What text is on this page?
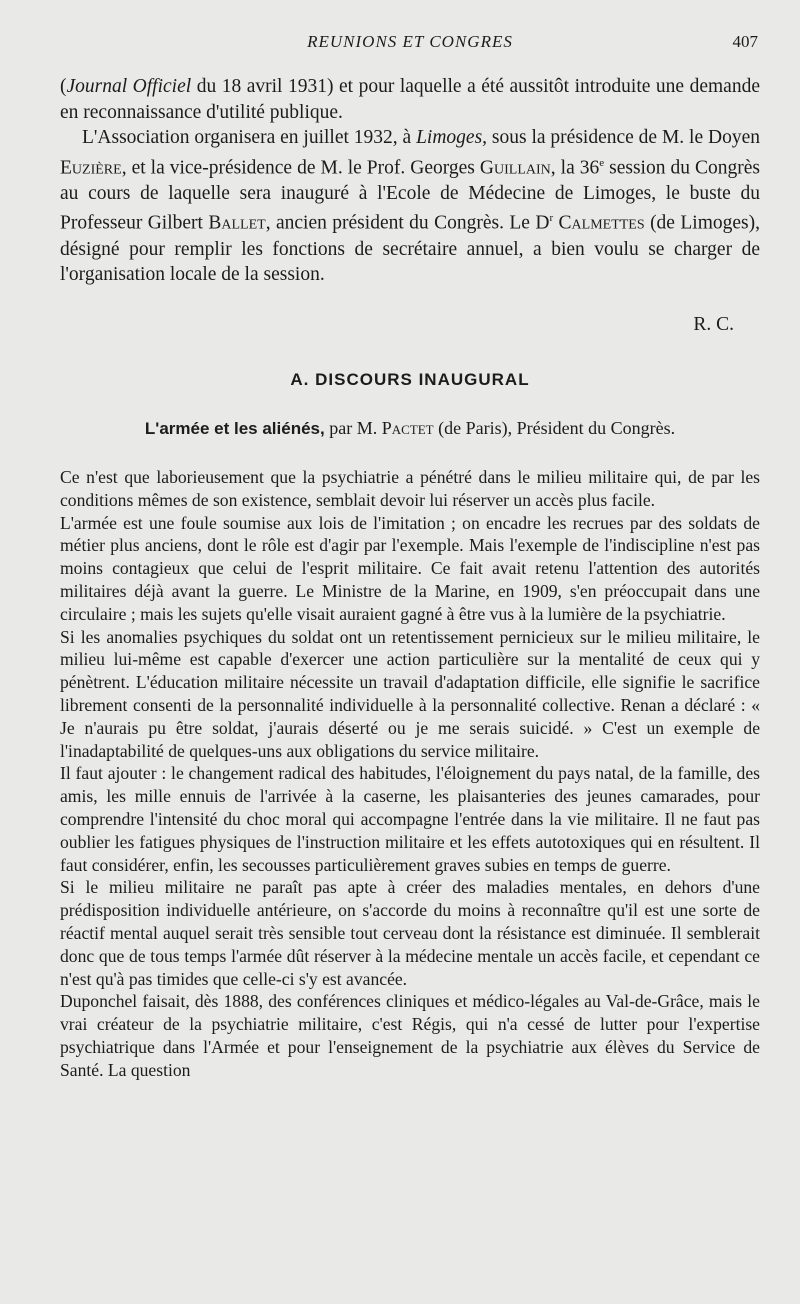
REUNIONS ET CONGRES	407

(Journal Officiel du 18 avril 1931) et pour laquelle a été aussitôt introduite une demande en reconnaissance d'utilité publique.

L'Association organisera en juillet 1932, à Limoges, sous la présidence de M. le Doyen Euzière, et la vice-présidence de M. le Prof. Georges Guillain, la 36e session du Congrès au cours de laquelle sera inauguré à l'Ecole de Médecine de Limoges, le buste du Professeur Gilbert Ballet, ancien président du Congrès. Le $D^r$ Calmettes (de Limoges), désigné pour remplir les fonctions de secrétaire annuel, a bien voulu se charger de l'organisation locale de la session.

R. C.
A. DISCOURS INAUGURAL
L'armée et les aliénés, par M. Pactet (de Paris), Président du Congrès.

Ce n'est que laborieusement que la psychiatrie a pénétré dans le milieu militaire qui, de par les conditions mêmes de son existence, semblait devoir lui réserver un accès plus facile.

L'armée est une foule soumise aux lois de l'imitation ; on encadre les recrues par des soldats de métier plus anciens, dont le rôle est d'agir par l'exemple. Mais l'exemple de l'indiscipline n'est pas moins contagieux que celui de l'esprit militaire. Ce fait avait retenu l'attention des autorités militaires déjà avant la guerre. Le Ministre de la Marine, en 1909, s'en préoccupait dans une circulaire ; mais les sujets qu'elle visait auraient gagné à être vus à la lumière de la psychiatrie.

Si les anomalies psychiques du soldat ont un retentissement pernicieux sur le milieu militaire, le milieu lui-même est capable d'exercer une action particulière sur la mentalité de ceux qui y pénètrent. L'éducation militaire nécessite un travail d'adaptation difficile, elle signifie le sacrifice librement consenti de la personnalité individuelle à la personnalité collective. Renan a déclaré : « Je n'aurais pu être soldat, j'aurais déserté ou je me serais suicidé. » C'est un exemple de l'inadaptabilité de quelques-uns aux obligations du service militaire.

Il faut ajouter : le changement radical des habitudes, l'éloignement du pays natal, de la famille, des amis, les mille ennuis de l'arrivée à la caserne, les plaisanteries des jeunes camarades, pour comprendre l'intensité du choc moral qui accompagne l'entrée dans la vie militaire. Il ne faut pas oublier les fatigues physiques de l'instruction militaire et les effets autotoxiques qui en résultent. Il faut considérer, enfin, les secousses particulièrement graves subies en temps de guerre.

Si le milieu militaire ne paraît pas apte à créer des maladies mentales, en dehors d'une prédisposition individuelle antérieure, on s'accorde du moins à reconnaître qu'il est une sorte de réactif mental auquel serait très sensible tout cerveau dont la résistance est diminuée. Il semblerait donc que de tous temps l'armée dût réserver à la médecine mentale un accès facile, et cependant ce n'est qu'à pas timides que celle-ci s'y est avancée.

Duponchel faisait, dès 1888, des conférences cliniques et médico-légales au Val-de-Grâce, mais le vrai créateur de la psychiatrie militaire, c'est Régis, qui n'a cessé de lutter pour l'expertise psychiatrique dans l'Armée et pour l'enseignement de la psychiatrie aux élèves du Service de Santé. La question
